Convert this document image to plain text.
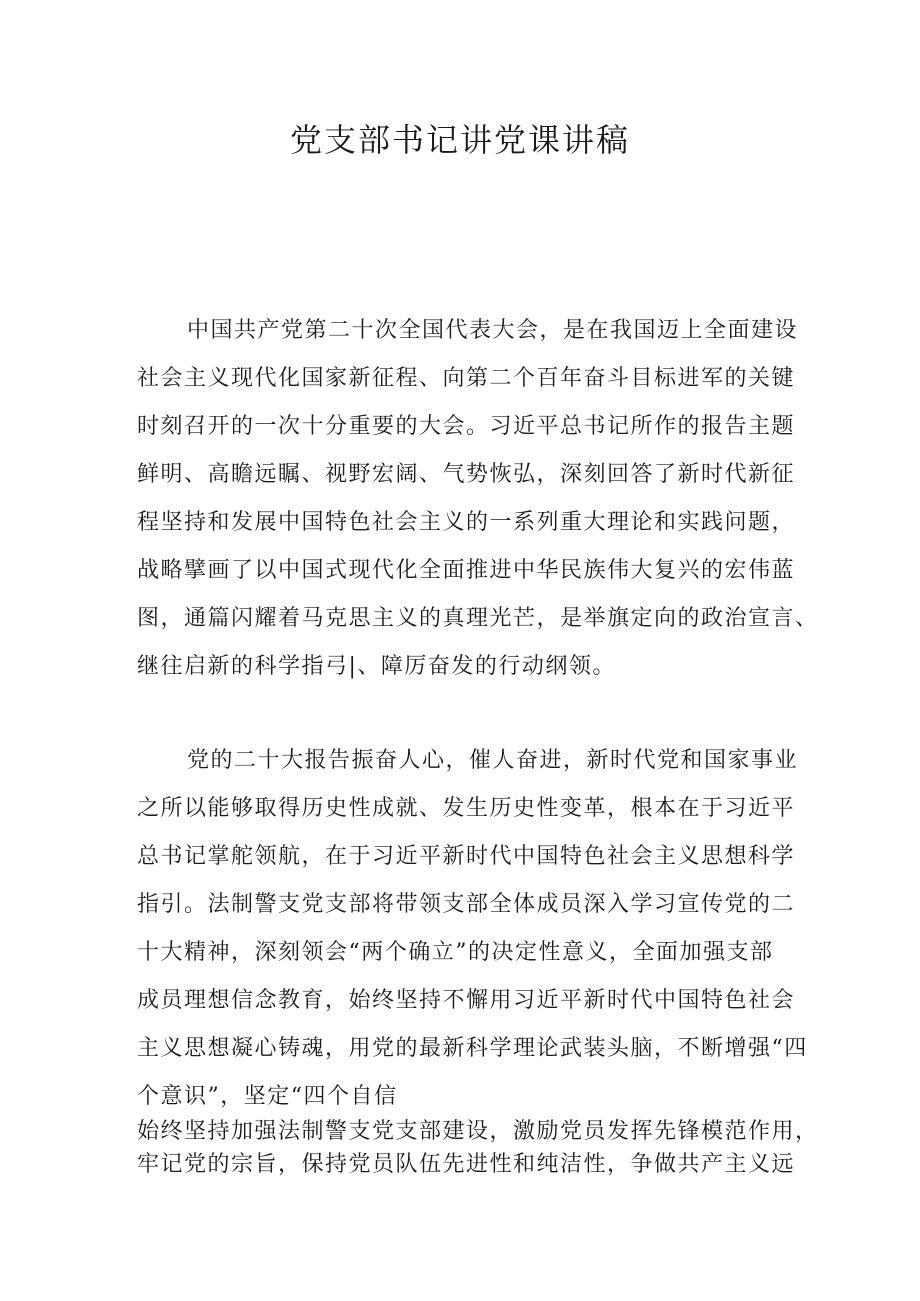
党支部书记讲党课讲稿
中国共产党第二十次全国代表大会，是在我国迈上全面建设
社会主义现代化国家新征程、向第二个百年奋斗目标进军的关键
时刻召开的一次十分重要的大会。习近平总书记所作的报告主题
鲜明、高瞻远瞩、视野宏阔、气势恢弘，深刻回答了新时代新征
程坚持和发展中国特色社会主义的一系列重大理论和实践问题，
战略擘画了以中国式现代化全面推进中华民族伟大复兴的宏伟蓝
图，通篇闪耀着马克思主义的真理光芒，是举旗定向的政治宣言、
继往启新的科学指弓|、障厉奋发的行动纲领。
党的二十大报告振奋人心，催人奋进，新时代党和国家事业
之所以能够取得历史性成就、发生历史性变革，根本在于习近平
总书记掌舵领航，在于习近平新时代中国特色社会主义思想科学
指引。法制警支党支部将带领支部全体成员深入学习宣传党的二
十大精神，深刻领会“两个确立”的决定性意义，全面加强支部
成员理想信念教育，始终坚持不懈用习近平新时代中国特色社会
主义思想凝心铸魂，用党的最新科学理论武装头脑，不断增强“四
个意识”，坚定“四个自信
始终坚持加强法制警支党支部建设，激励党员发挥先锋模范作用，
牢记党的宗旨，保持党员队伍先进性和纯洁性，争做共产主义远
